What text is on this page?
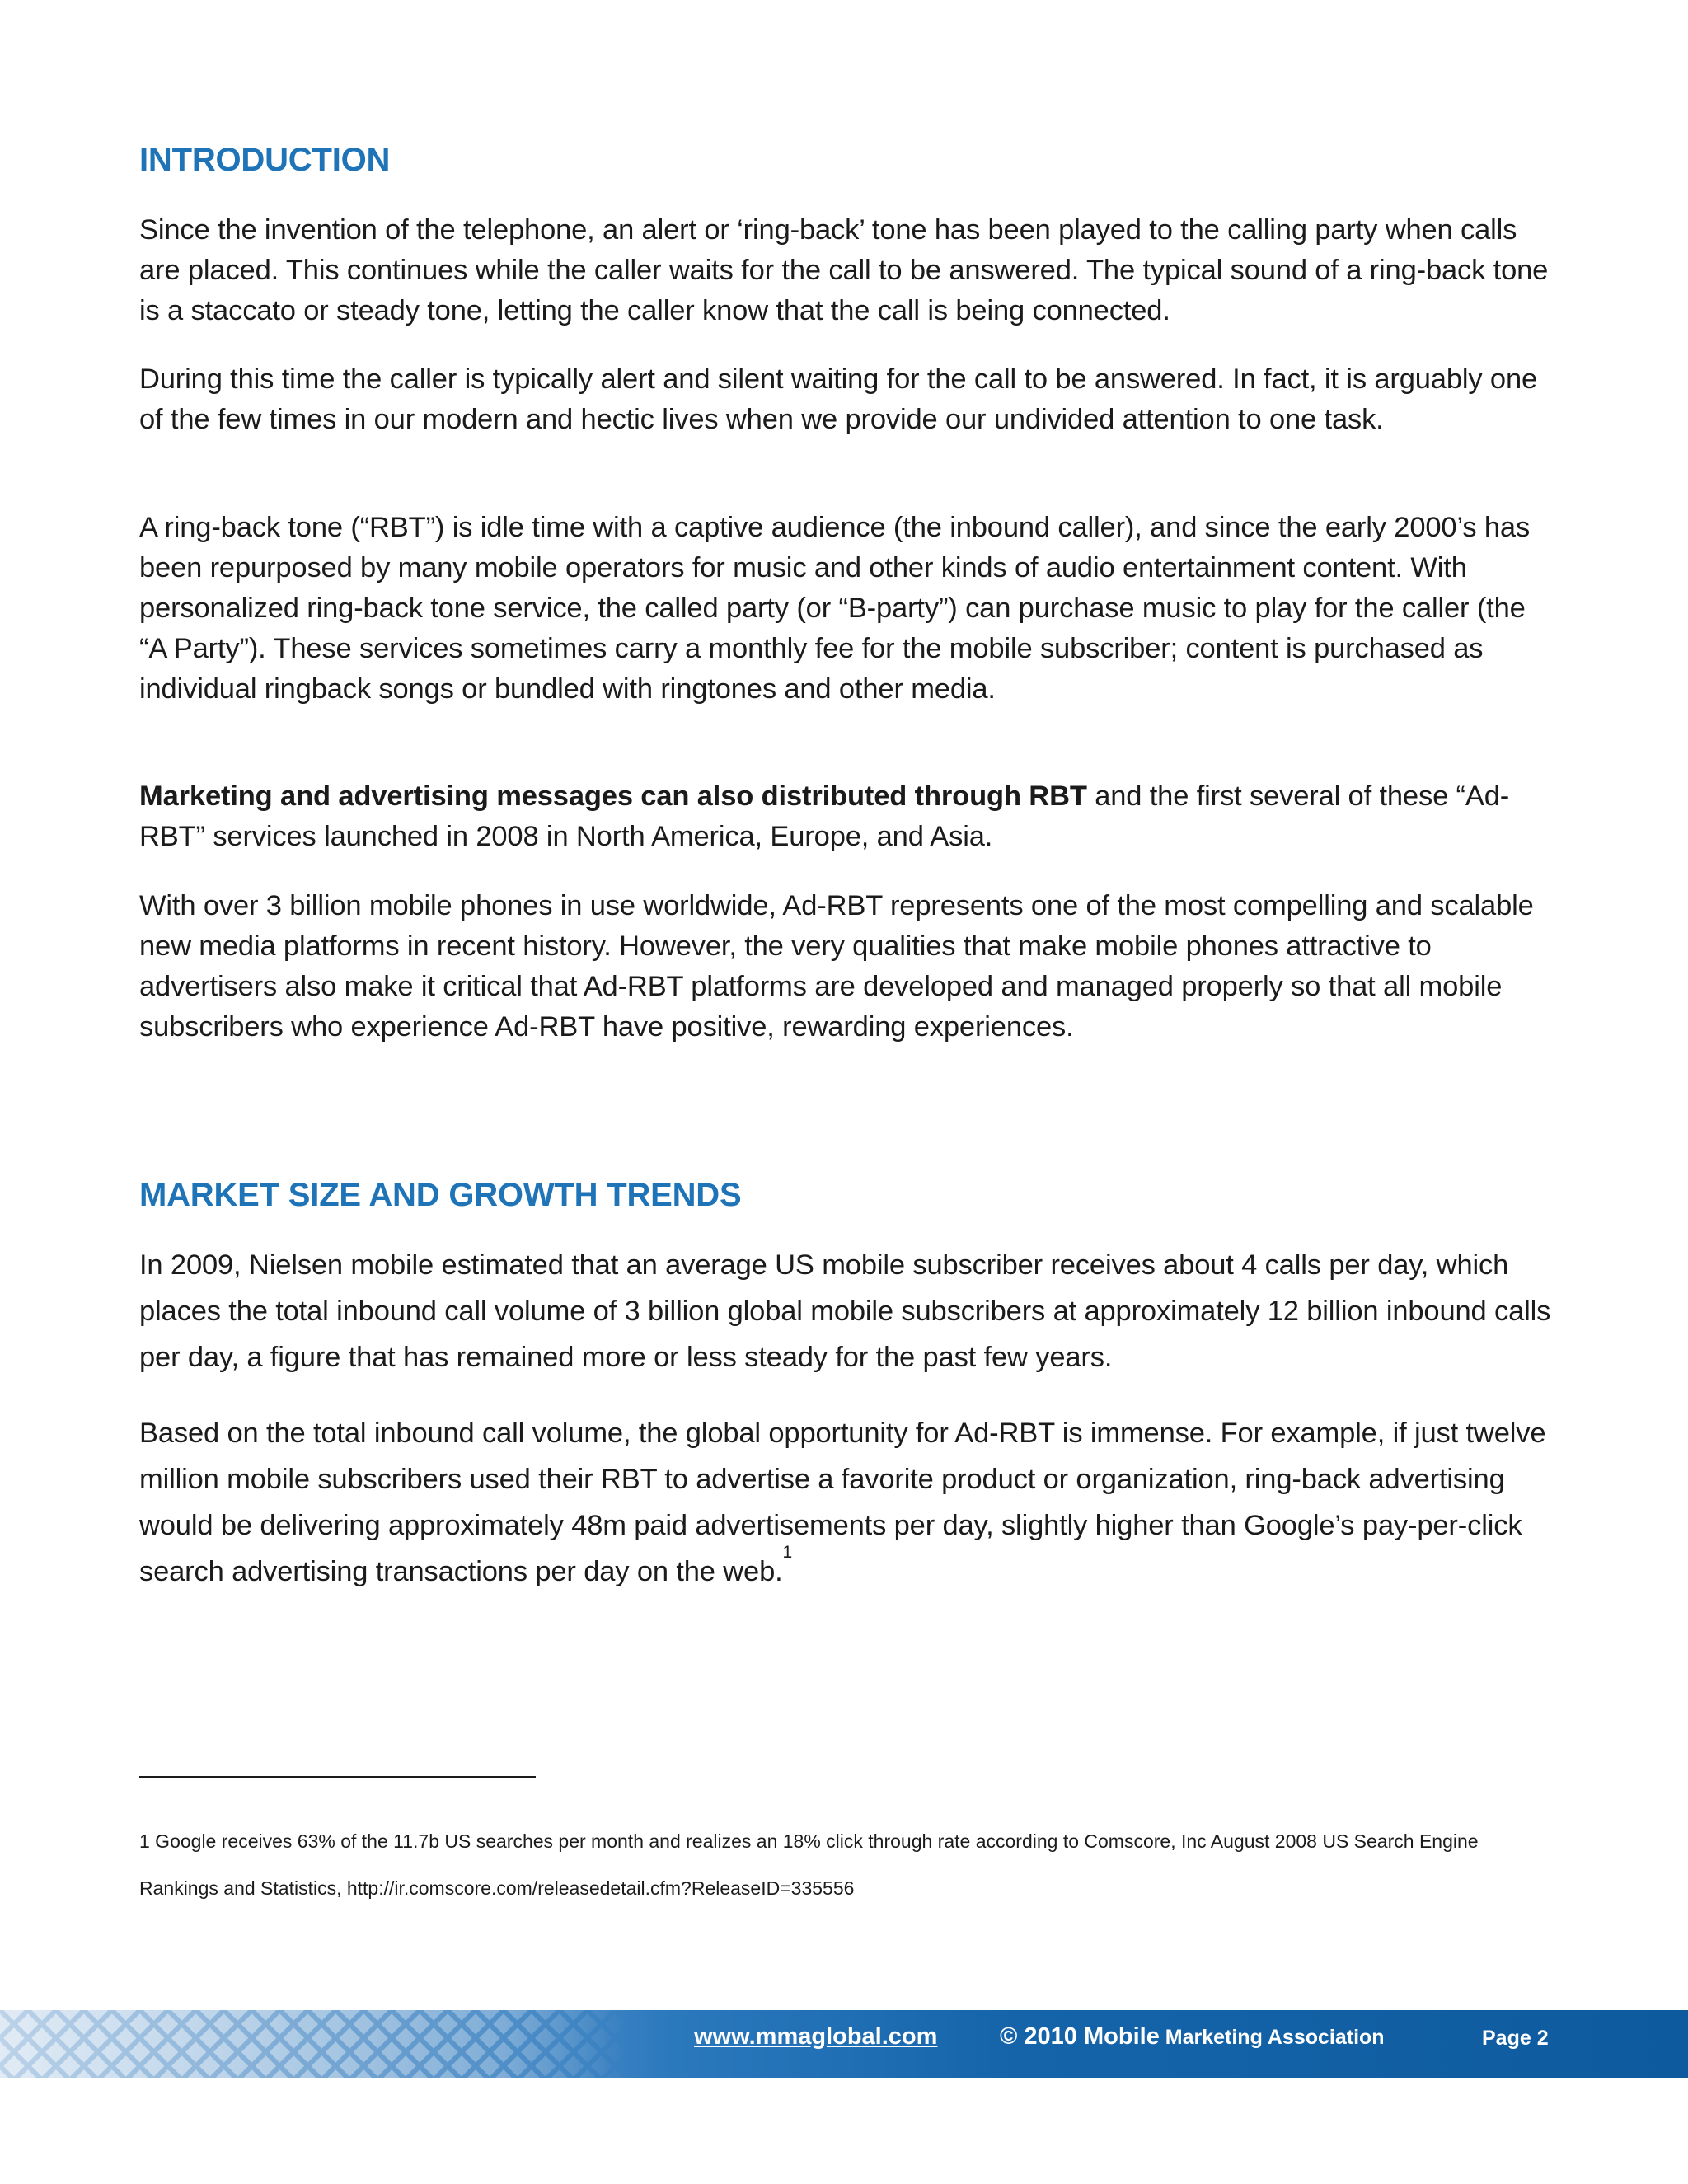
INTRODUCTION

Since the invention of the telephone, an alert or ‘ring-back’ tone has been played to the calling party when calls are placed. This continues while the caller waits for the call to be answered. The typical sound of a ring-back tone is a staccato or steady tone, letting the caller know that the call is being connected.

During this time the caller is typically alert and silent waiting for the call to be answered. In fact, it is arguably one of the few times in our modern and hectic lives when we provide our undivided attention to one task.

A ring-back tone (“RBT”) is idle time with a captive audience (the inbound caller), and since the early 2000’s has been repurposed by many mobile operators for music and other kinds of audio entertainment content. With personalized ring-back tone service, the called party (or “B-party”) can purchase music to play for the caller (the “A Party”). These services sometimes carry a monthly fee for the mobile subscriber; content is purchased as individual ringback songs or bundled with ringtones and other media.

Marketing and advertising messages can also distributed through RBT and the first several of these “Ad-RBT” services launched in 2008 in North America, Europe, and Asia.

With over 3 billion mobile phones in use worldwide, Ad-RBT represents one of the most compelling and scalable new media platforms in recent history. However, the very qualities that make mobile phones attractive to advertisers also make it critical that Ad-RBT platforms are developed and managed properly so that all mobile subscribers who experience Ad-RBT have positive, rewarding experiences.

MARKET SIZE AND GROWTH TRENDS

In 2009, Nielsen mobile estimated that an average US mobile subscriber receives about 4 calls per day, which places the total inbound call volume of 3 billion global mobile subscribers at approximately 12 billion inbound calls per day, a figure that has remained more or less steady for the past few years.

Based on the total inbound call volume, the global opportunity for Ad-RBT is immense. For example, if just twelve million mobile subscribers used their RBT to advertise a favorite product or organization, ring-back advertising would be delivering approximately 48m paid advertisements per day, slightly higher than Google’s pay-per-click search advertising transactions per day on the web.$^1$

1 Google receives 63% of the 11.7b US searches per month and realizes an 18% click through rate according to Comscore, Inc August 2008 US Search Engine Rankings and Statistics, http://ir.comscore.com/releasedetail.cfm?ReleaseID=335556

www.mmaglobal.com	© 2010 Mobile Marketing Association	Page 2
